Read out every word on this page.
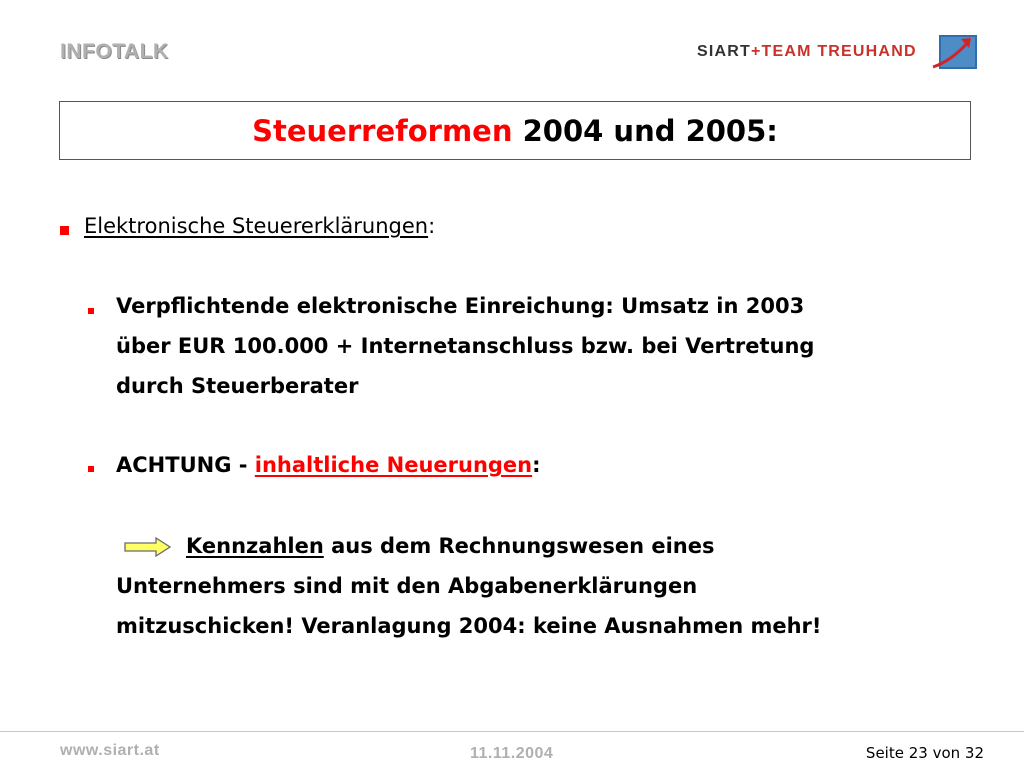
INFOTALK	SIART+TEAM TREUHAND
Steuerreformen
2004 und 2005:
Elektronische Steuererklärungen:
Verpflichtende elektronische Einreichung: Umsatz in 2003
über EUR 100.000 + Internetanschluss bzw. bei Vertretung
durch Steuerberater
ACHTUNG - inhaltliche Neuerungen:
Kennzahlen aus dem Rechnungswesen eines
Unternehmers sind mit den Abgabenerklärungen
mitzuschicken! Veranlagung 2004: keine Ausnahmen mehr!
www.siart.at	11.11.2004	Seite 23 von 32
